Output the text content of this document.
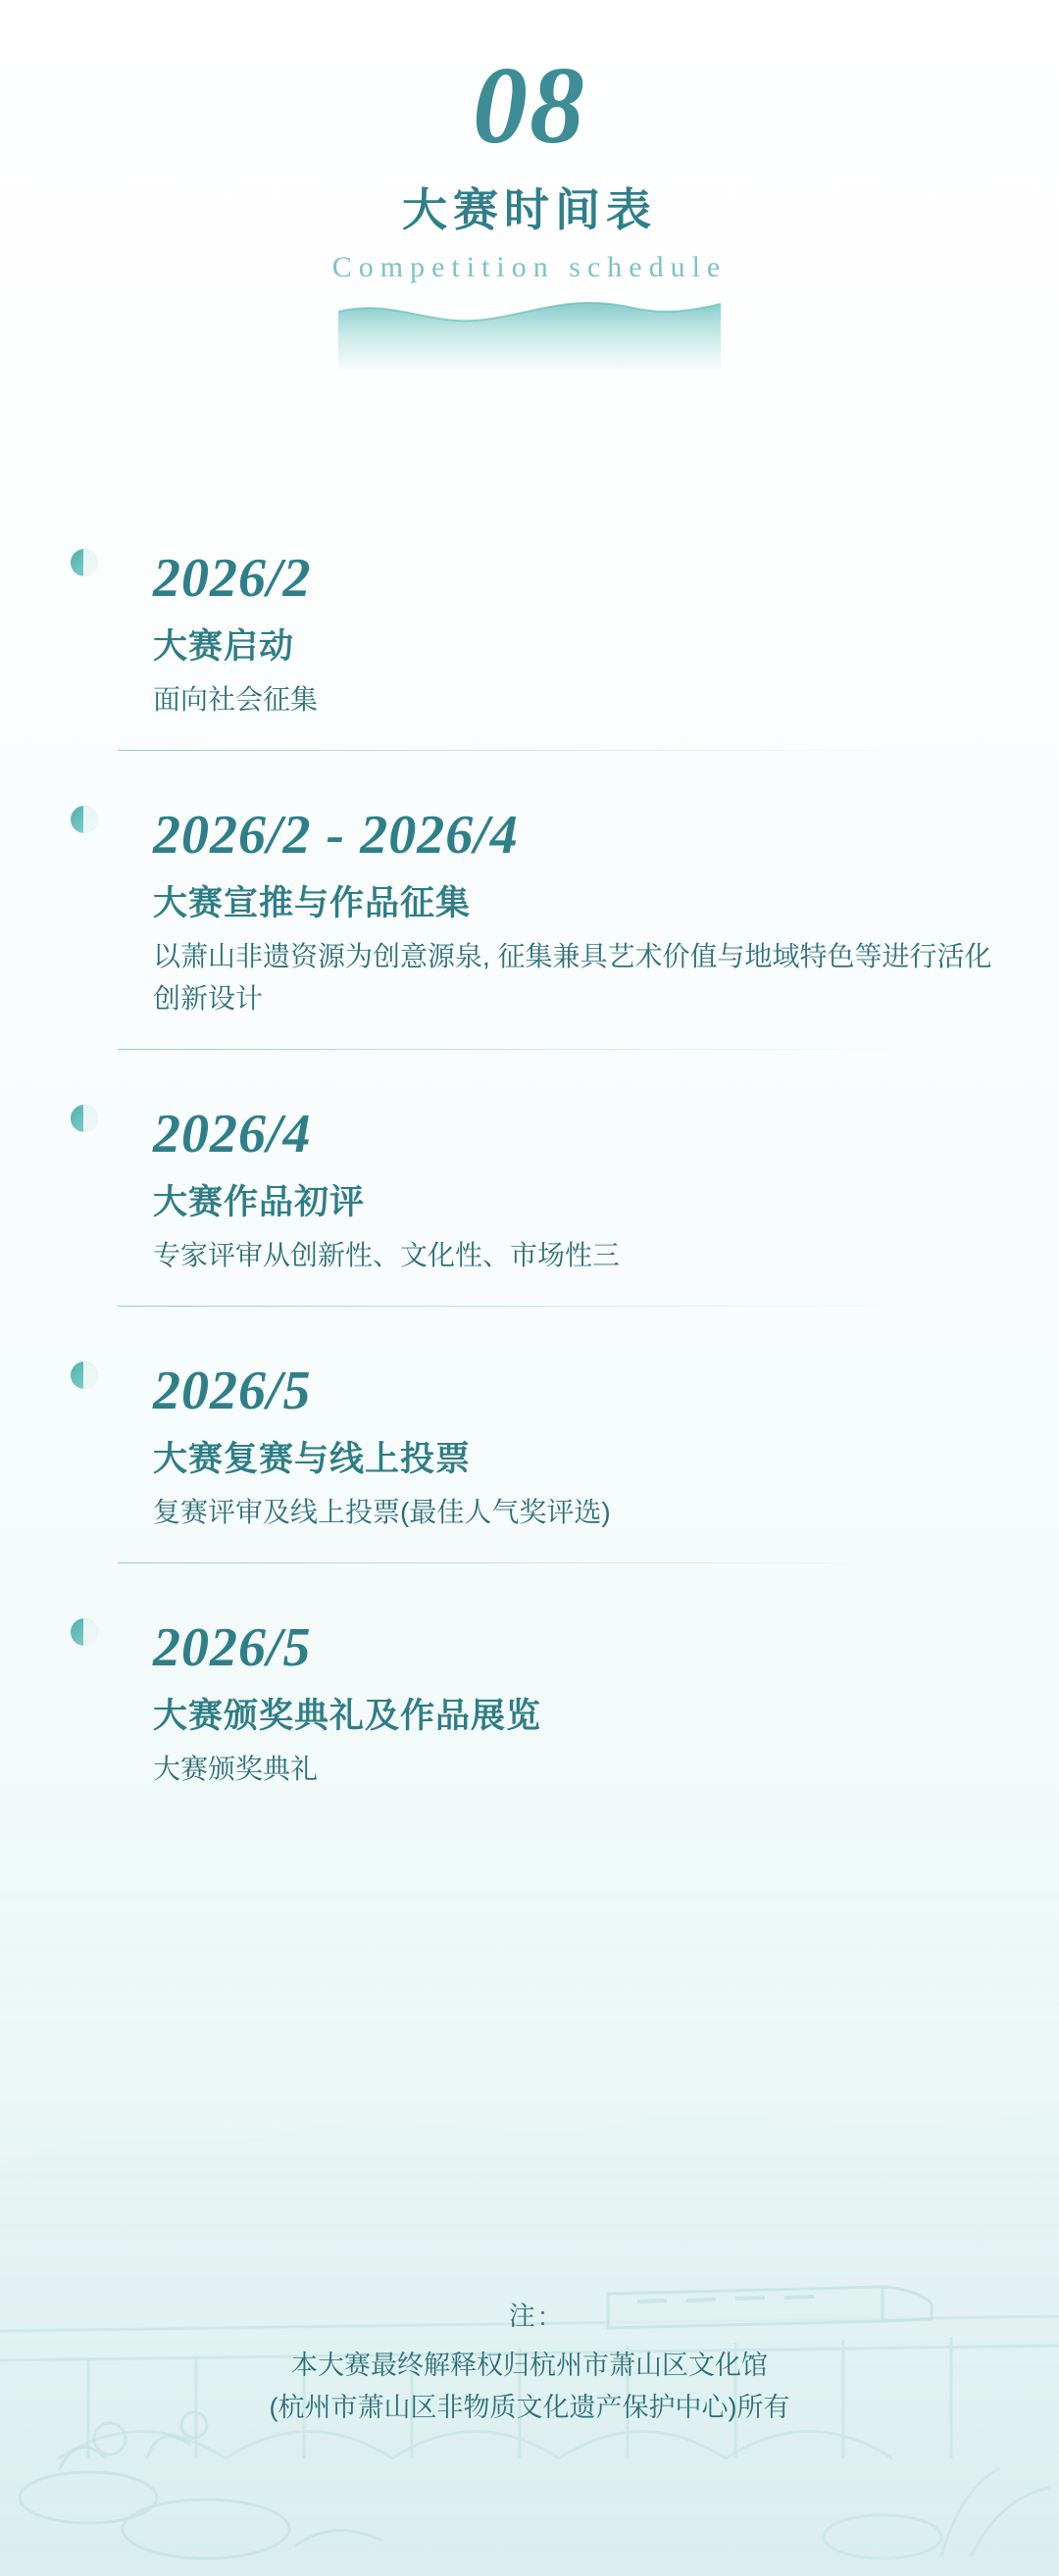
08
大赛时间表
Competition schedule
2026/2
大赛启动
面向社会征集
2026/2 - 2026/4
大赛宣推与作品征集
以萧山非遗资源为创意源泉, 征集兼具艺术价值与地域特色等进行活化创新设计
2026/4
大赛作品初评
专家评审从创新性、文化性、市场性三
2026/5
大赛复赛与线上投票
复赛评审及线上投票(最佳人气奖评选)
2026/5
大赛颁奖典礼及作品展览
大赛颁奖典礼
注:
本大赛最终解释权归杭州市萧山区文化馆
(杭州市萧山区非物质文化遗产保护中心)所有
